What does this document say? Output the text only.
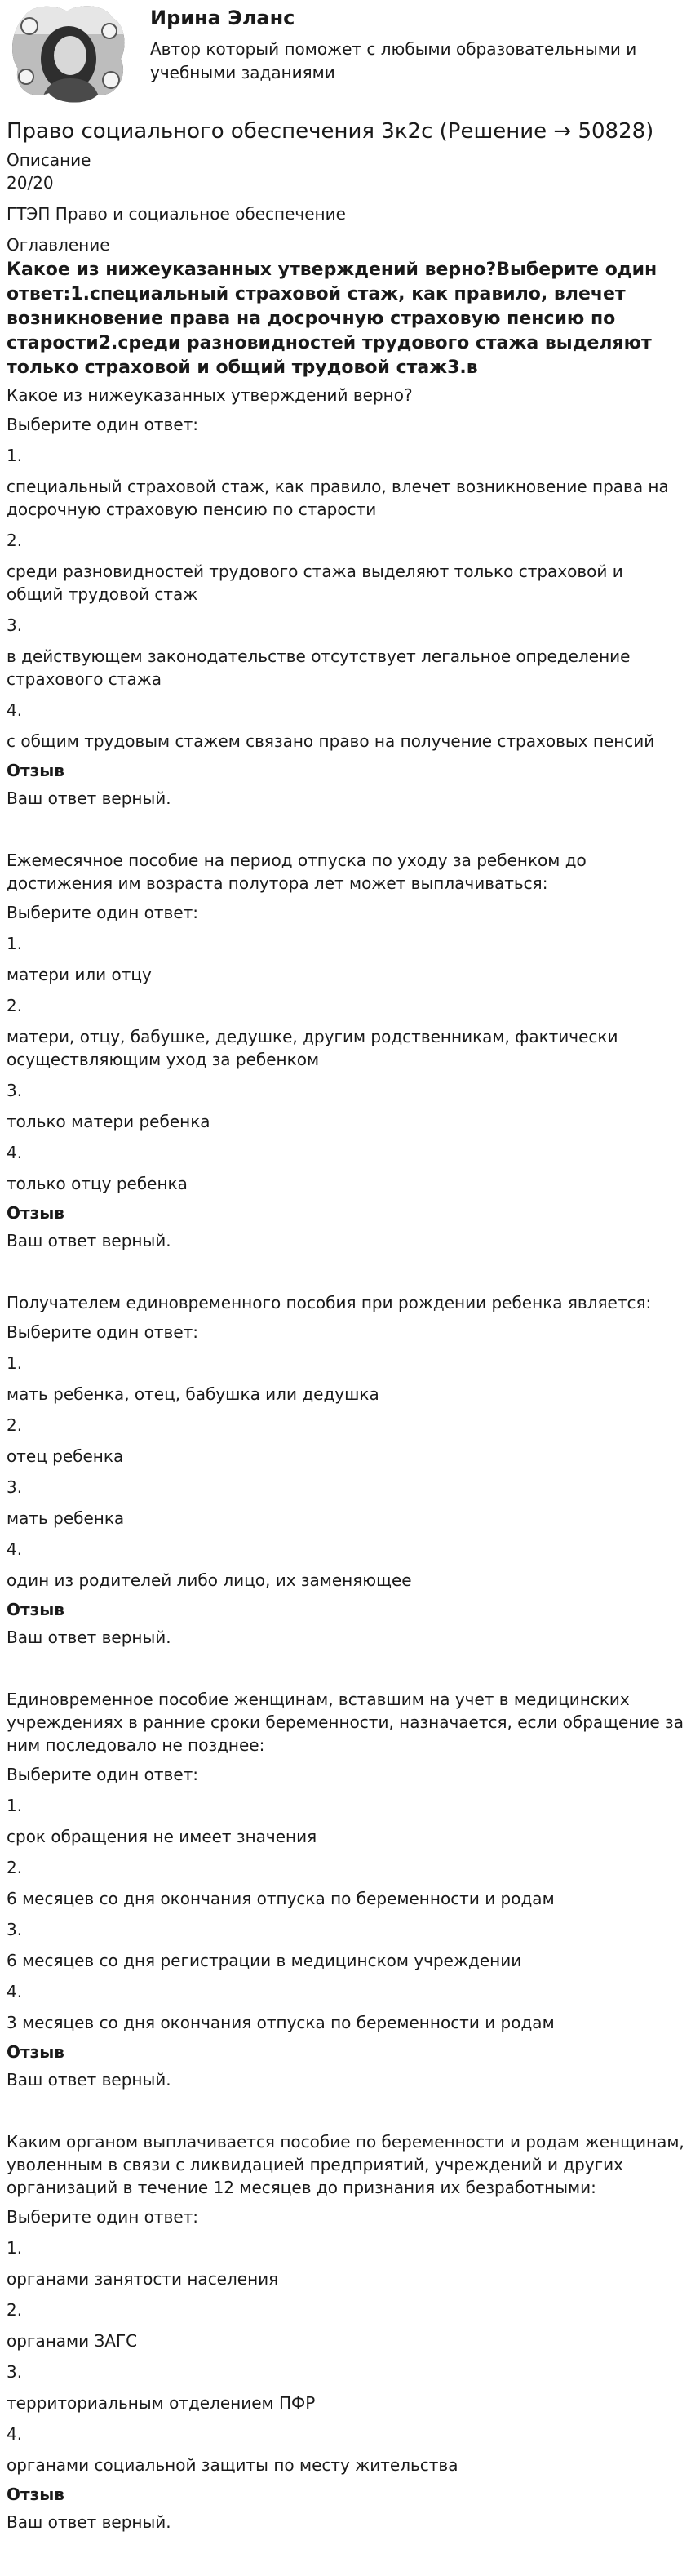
Ирина Эланс
Автор который поможет с любыми образовательными и учебными заданиями
Право социального обеспечения 3к2с (Решение → 50828)

Описание

20/20

ГТЭП Право и социальное обеспечение

Оглавление

Какое из нижеуказанных утверждений верно?Выберите один ответ:1.специальный страховой стаж, как правило, влечет возникновение права на досрочную страховую пенсию по старости2.среди разновидностей трудового стажа выделяют только страховой и общий трудовой стаж3.в

Какое из нижеуказанных утверждений верно?

Выберите один ответ:

1.

специальный страховой стаж, как правило, влечет возникновение права на досрочную страховую пенсию по старости

2.

среди разновидностей трудового стажа выделяют только страховой и общий трудовой стаж

3.

в действующем законодательстве отсутствует легальное определение страхового стажа

4.

с общим трудовым стажем связано право на получение страховых пенсий

Отзыв

Ваш ответ верный.

Ежемесячное пособие на период отпуска по уходу за ребенком до достижения им возраста полутора лет может выплачиваться:

Выберите один ответ:

1.

матери или отцу

2.

матери, отцу, бабушке, дедушке, другим родственникам, фактически осуществляющим уход за ребенком

3.

только матери ребенка

4.

только отцу ребенка

Отзыв

Ваш ответ верный.

Получателем единовременного пособия при рождении ребенка является:

Выберите один ответ:

1.

мать ребенка, отец, бабушка или дедушка

2.

отец ребенка

3.

мать ребенка

4.

один из родителей либо лицо, их заменяющее

Отзыв

Ваш ответ верный.

Единовременное пособие женщинам, вставшим на учет в медицинских учреждениях в ранние сроки беременности, назначается, если обращение за ним последовало не позднее:

Выберите один ответ:

1.

срок обращения не имеет значения

2.

6 месяцев со дня окончания отпуска по беременности и родам

3.

6 месяцев со дня регистрации в медицинском учреждении

4.

3 месяцев со дня окончания отпуска по беременности и родам

Отзыв

Ваш ответ верный.

Каким органом выплачивается пособие по беременности и родам женщинам, уволенным в связи с ликвидацией предприятий, учреждений и других организаций в течение 12 месяцев до признания их безработными:

Выберите один ответ:

1.

органами занятости населения

2.

органами ЗАГС

3.

территориальным отделением ПФР

4.

органами социальной защиты по месту жительства

Отзыв

Ваш ответ верный.
